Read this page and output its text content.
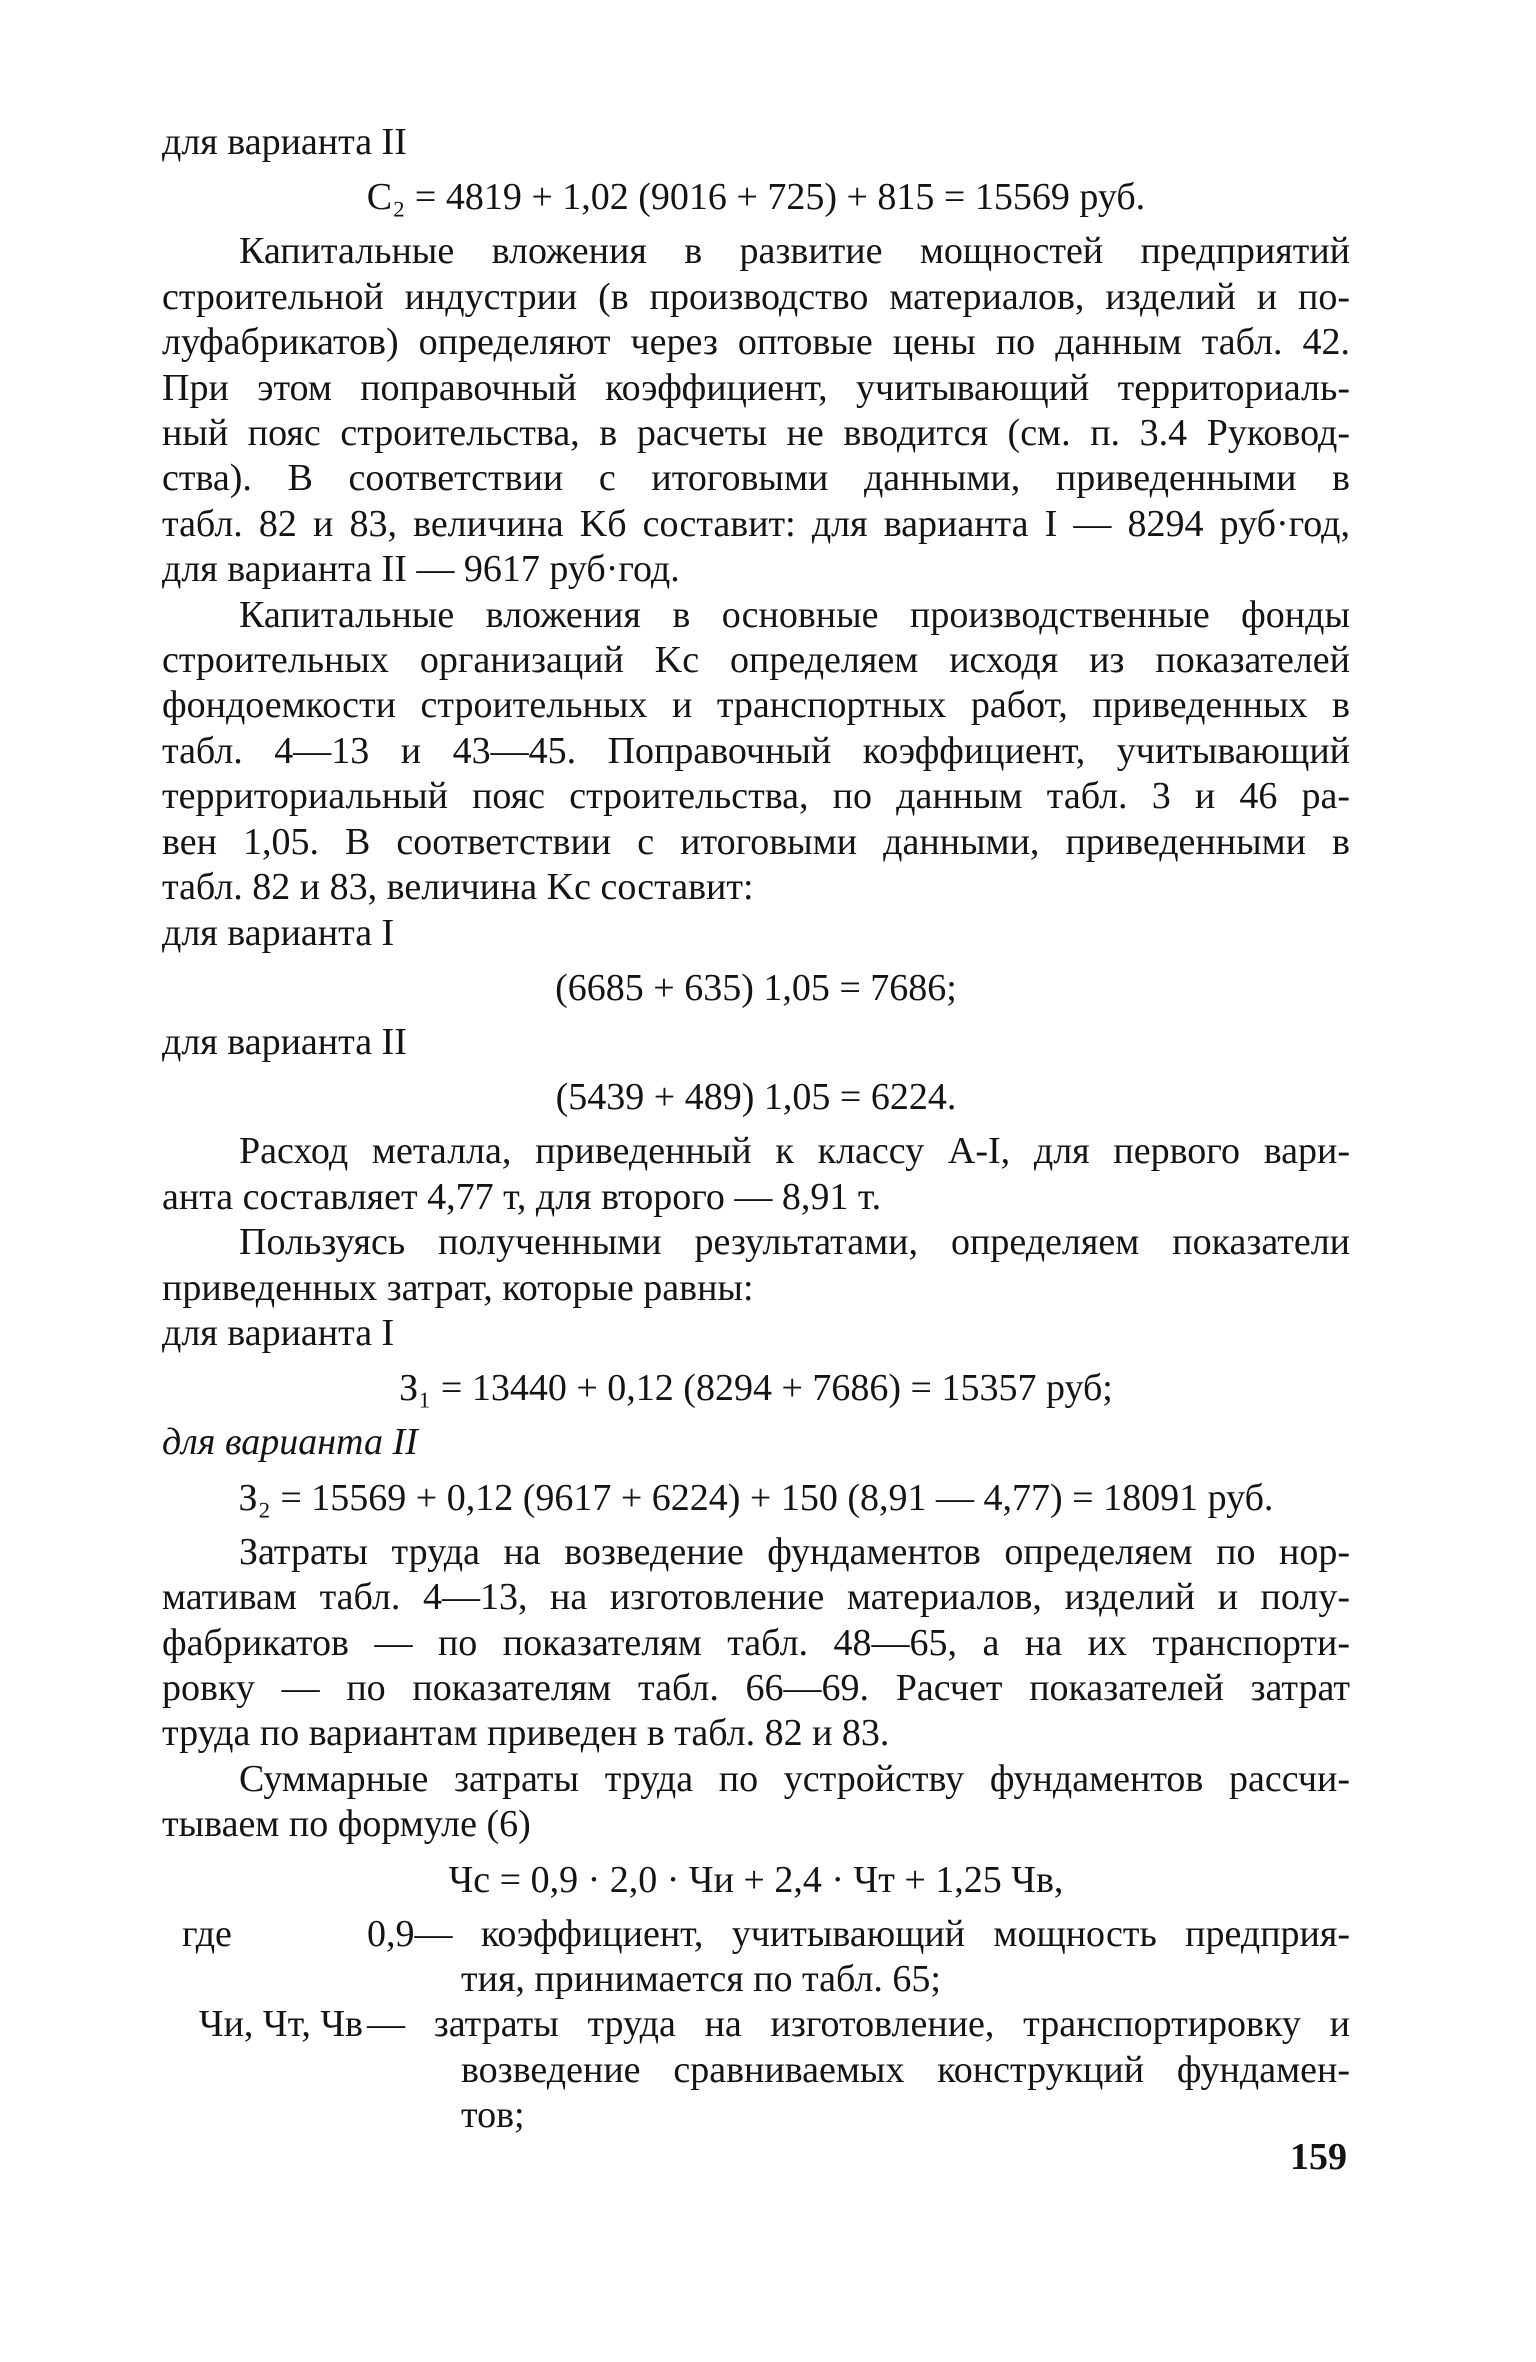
для варианта II

C₂ = 4819 + 1,02 (9016 + 725) + 815 = 15569 руб.

Капитальные вложения в развитие мощностей предприятий

строительной индустрии (в производство материалов, изделий и по-

луфабрикатов) определяют через оптовые цены по данным табл. 42.

При этом поправочный коэффициент, учитывающий территориаль-

ный пояс строительства, в расчеты не вводится (см. п. 3.4 Руковод-

ства). В соответствии с итоговыми данными, приведенными в

табл. 82 и 83, величина Kб составит: для варианта I — 8294 руб·год,

для варианта II — 9617 руб·год.

Капитальные вложения в основные производственные фонды

строительных организаций Kс определяем исходя из показателей

фондоемкости строительных и транспортных работ, приведенных в

табл. 4—13 и 43—45. Поправочный коэффициент, учитывающий

территориальный пояс строительства, по данным табл. 3 и 46 ра-

вен 1,05. В соответствии с итоговыми данными, приведенными в

табл. 82 и 83, величина Kс составит:

для варианта I

(6685 + 635) 1,05 = 7686;

для варианта II

(5439 + 489) 1,05 = 6224.

Расход металла, приведенный к классу A-I, для первого вари-

анта составляет 4,77 т, для второго — 8,91 т.

Пользуясь полученными результатами, определяем показатели

приведенных затрат, которые равны:

для варианта I

З₁ = 13440 + 0,12 (8294 + 7686) = 15357 руб;

для варианта II

З₂ = 15569 + 0,12 (9617 + 6224) + 150 (8,91 — 4,77) = 18091 руб.

Затраты труда на возведение фундаментов определяем по нор-

мативам табл. 4—13, на изготовление материалов, изделий и полу-

фабрикатов — по показателям табл. 48—65, а на их транспорти-

ровку — по показателям табл. 66—69. Расчет показателей затрат

труда по вариантам приведен в табл. 82 и 83.

Суммарные затраты труда по устройству фундаментов рассчи-

тываем по формуле (6)

Чс = 0,9 · 2,0 · Чи + 2,4 · Чт + 1,25 Чв,

где	0,9— коэффициент, учитывающий мощность предприя-
тия, принимается по табл. 65;
Чи, Чт, Чв — затраты труда на изготовление, транспортировку и
возведение сравниваемых конструкций фундамен-
тов;
159
